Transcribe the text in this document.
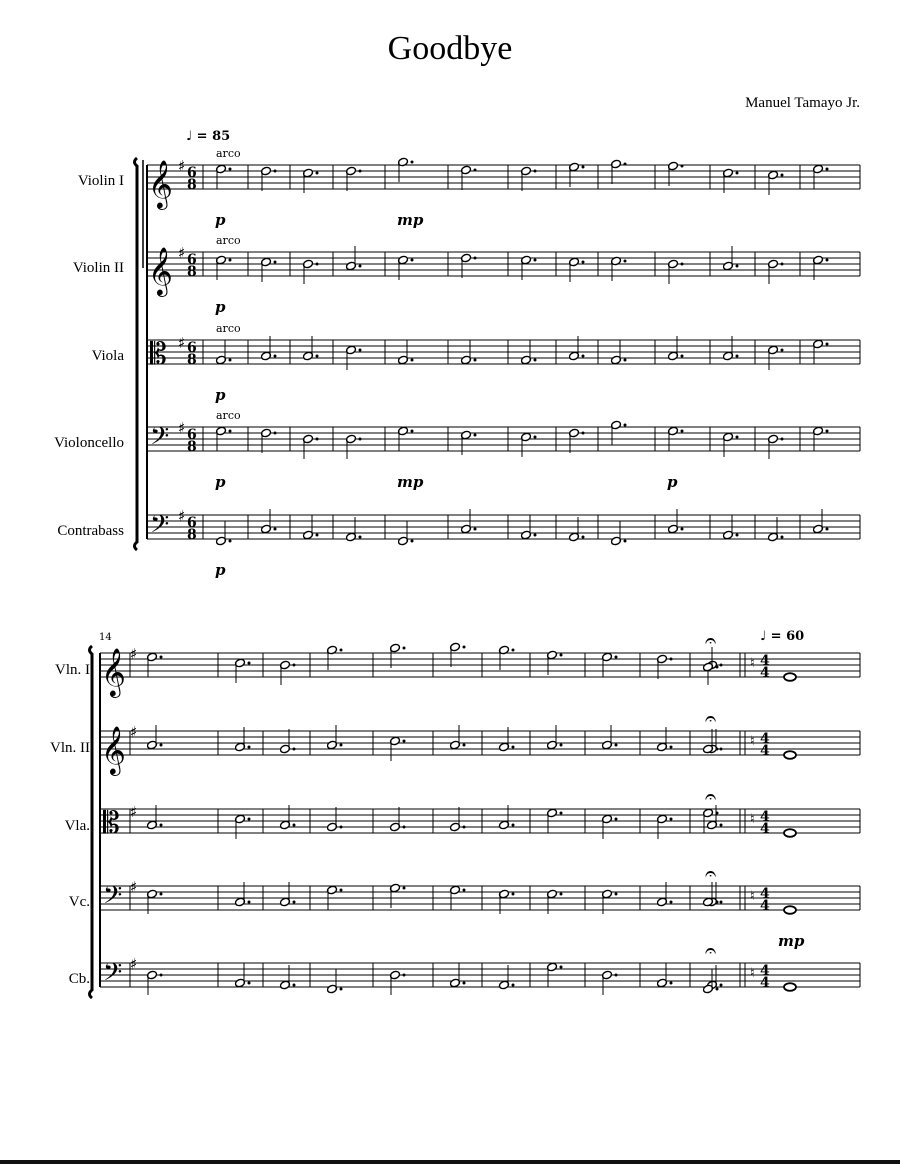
Goodbye
Manuel Tamayo Jr.
Violin I
Violin II
Viola
Violoncello
Contrabass
Vln. I
Vln. II
Vla.
Vc.
Cb.
𝄞 ♯ 6
8
arco
p	mp
𝄞 ♯ 6
8
arco
p
𝄡 ♯ 6
8
arco
p
𝄢 ♯ 6
8
arco
p	mp	p
𝄢 ♯ 6
8
p
♩ = 85
𝄞 ♯
♮ 4
4
𝄐
𝄞 ♯
♮ 4
4
𝄐
𝄡 ♯	♮ 4
4
𝄐
𝄢 ♯
♮ 4
4
𝄐
mp
𝄢 ♯
♮ 4
4
𝄐
14	♩ = 60
